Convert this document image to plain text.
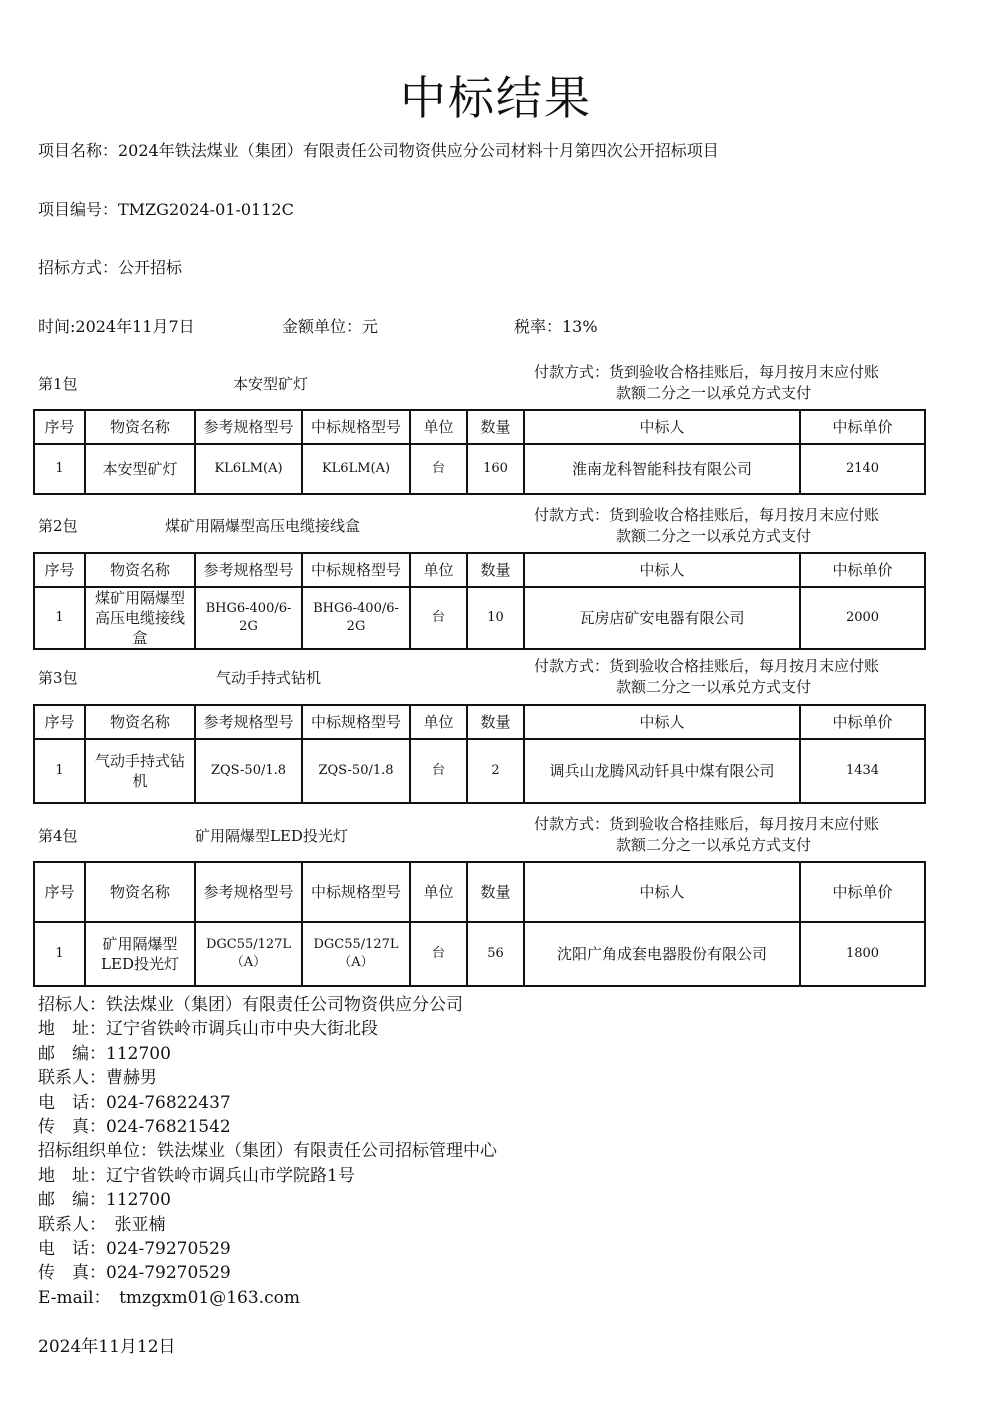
中标结果
项目名称：2024年铁法煤业（集团）有限责任公司物资供应分公司材料十月第四次公开招标项目
项目编号：TMZG2024-01-0112C
招标方式：公开招标
时间:2024年11月7日	金额单位：元	税率：13%
第1包	本安型矿灯
付款方式：货到验收合格挂账后，每月按月末应付账
款额二分之一以承兑方式支付
序号	物资名称	参考规格型号	中标规格型号	单位	数量	中标人	中标单价
1	本安型矿灯	KL6LM(A)	KL6LM(A)	台	160	淮南龙科智能科技有限公司	2140
第2包	煤矿用隔爆型高压电缆接线盒
付款方式：货到验收合格挂账后，每月按月末应付账
款额二分之一以承兑方式支付
序号	物资名称	参考规格型号	中标规格型号	单位	数量	中标人	中标单价
1	煤矿用隔爆型高压电缆接线盒	BHG6-400/6-2G	BHG6-400/6-2G	台	10	瓦房店矿安电器有限公司	2000
第3包	气动手持式钻机
付款方式：货到验收合格挂账后，每月按月末应付账
款额二分之一以承兑方式支付
序号	物资名称	参考规格型号	中标规格型号	单位	数量	中标人	中标单价
1	气动手持式钻机	ZQS-50/1.8	ZQS-50/1.8	台	2	调兵山龙腾风动钎具中煤有限公司	1434
第4包	矿用隔爆型LED投光灯
付款方式：货到验收合格挂账后，每月按月末应付账
款额二分之一以承兑方式支付
序号	物资名称	参考规格型号	中标规格型号	单位	数量	中标人	中标单价
1	矿用隔爆型LED投光灯	DGC55/127L（A）	DGC55/127L（A）	台	56	沈阳广角成套电器股份有限公司	1800
招标人：铁法煤业（集团）有限责任公司物资供应分公司
地　址：辽宁省铁岭市调兵山市中央大街北段
邮　编：112700
联系人：曹赫男
电　话：024-76822437
传　真：024-76821542
招标组织单位：铁法煤业（集团）有限责任公司招标管理中心
地　址：辽宁省铁岭市调兵山市学院路1号
邮　编：112700
联系人：　张亚楠
电　话：024-79270529
传　真：024-79270529
E-mail：　tmzgxm01@163.com
2024年11月12日
